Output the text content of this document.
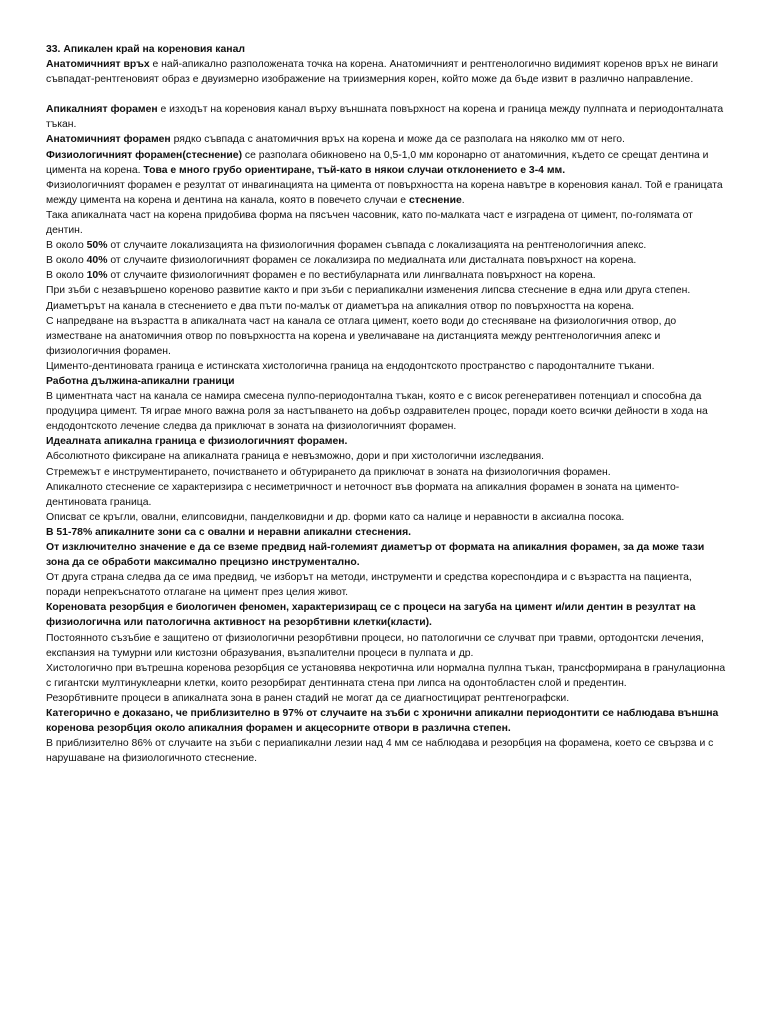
33. Апикален край на кореновия канал

Анатомичният връх е най-апикално разположената точка на корена. Анатомичният и рентгенологично видимият коренов връх не винаги съвпадат-рентгеновият образ е двуизмерно изображение на триизмерния корен, който може да бъде извит в различно направление.

Апикалният форамен е изходът на кореновия канал върху външната повърхност на корена и граница между пулпната и периодонталната тъкан.

Анатомичният форамен рядко съвпада с анатомичния връх на корена и може да се разполага на няколко мм от него.

Физиологичният форамен(стеснение) се разполага обикновено на 0,5-1,0 мм коронарно от анатомичния, където се срещат дентина и цимента на корена. Това е много грубо ориентиране, тъй-като в някои случаи отклонението е 3-4 мм.

Физиологичният форамен е резултат от инвагинацията на цимента от повърхността на корена навътре в кореновия канал. Той е границата между цимента на корена и дентина на канала, която в повечето случаи е стеснение.

Така апикалната част на корена придобива форма на пясъчен часовник, като по-малката част е изградена от цимент, по-голямата от дентин.

В около 50% от случаите локализацията на физиологичния форамен съвпада с локализацията на рентгенологичния апекс.

В около 40% от случаите физиологичният форамен се локализира по медиалната или дисталната повърхност на корена.

В около 10% от случаите физиологичният форамен е по вестибуларната или лингвалната повърхност на корена.

При зъби с незавършено кореново развитие както и при зъби с периапикални изменения липсва стеснение в една или друга степен.

Диаметърът на канала в стеснението е два пъти по-малък от диаметъра на апикалния отвор по повърхността на корена.

С напредване на възрастта в апикалната част на канала се отлага цимент, което води до стесняване на физиологичния отвор, до изместване на анатомичния отвор по повърхността на корена и увеличаване на дистанцията между рентгенологичния апекс и физиологичния форамен.

Циментo-дентиновата граница е истинската хистологична граница на ендодонтското пространство с пародонталните тъкани.

Работна дължина-апикални граници

В циментната част на канала се намира смесена пулпо-периодонтална тъкан, която е с висок регенеративен потенциал и способна да продуцира цимент. Тя играе много важна роля за настъпването на добър оздравителен процес, поради което всички дейности в хода на ендодонтското лечение следва да приключат в зоната на физиологичният форамен.

Идеалната апикална граница е физиологичният форамен.

Абсолютното фиксиране на апикалната граница е невъзможно, дори и при хистологични изследвания.

Стремежът е инструментирането, почистването и обтурирането да приключат в зоната на физиологичния форамен.

Апикалното стеснение се характеризира с несиметричност и неточност във формата на апикалния форамен в зоната на цименто-дентиновата граница.

Описват се кръгли, овални, елипсовидни, панделковидни и др. форми като са налице и неравности в аксиална посока.

В 51-78% апикалните зони са с овални и неравни апикални стеснения.

От изключително значение е да се вземе предвид най-големият диаметър от формата на апикалния форамен, за да може тази зона да се обработи максимално прецизно инструментално.

От друга страна следва да се има предвид, че изборът на методи, инструменти и средства кореспондира и с възрастта на пациента, поради непрекъснатото отлагане на цимент през целия живот.

Кореновата резорбция е биологичен феномен, характеризиращ се с процеси на загуба на цимент и/или дентин в резултат на физиологична или патологична активност на резорбтивни клетки(класти).

Постоянното съзъбие е защитено от физиологични резорбтивни процеси, но патологични се случват при травми, ортодонтски лечения, експанзия на тумурни или кистозни образувания, възпалителни процеси в пулпата и др.

Хистологично при вътрешна коренова резорбция се установява некротична или нормална пулпна тъкан, трансформирана в гранулационна с гигантски мултинуклеарни клетки, които резорбират дентинната стена при липса на одонтобластен слой и предентин.

Резорбтивните процеси в апикалната зона в ранен стадий не могат да се диагностицират рентгенографски.

Категорично е доказано, че приблизително в 97% от случаите на зъби с хронични апикални периодонтити се наблюдава външна коренова резорбция около апикалния форамен и акцесорните отвори в различна степен.

В приблизително 86% от случаите на зъби с периапикални лезии над 4 мм се наблюдава и резорбция на форамена, което се свързва и с нарушаване на физиологичното стеснение.
